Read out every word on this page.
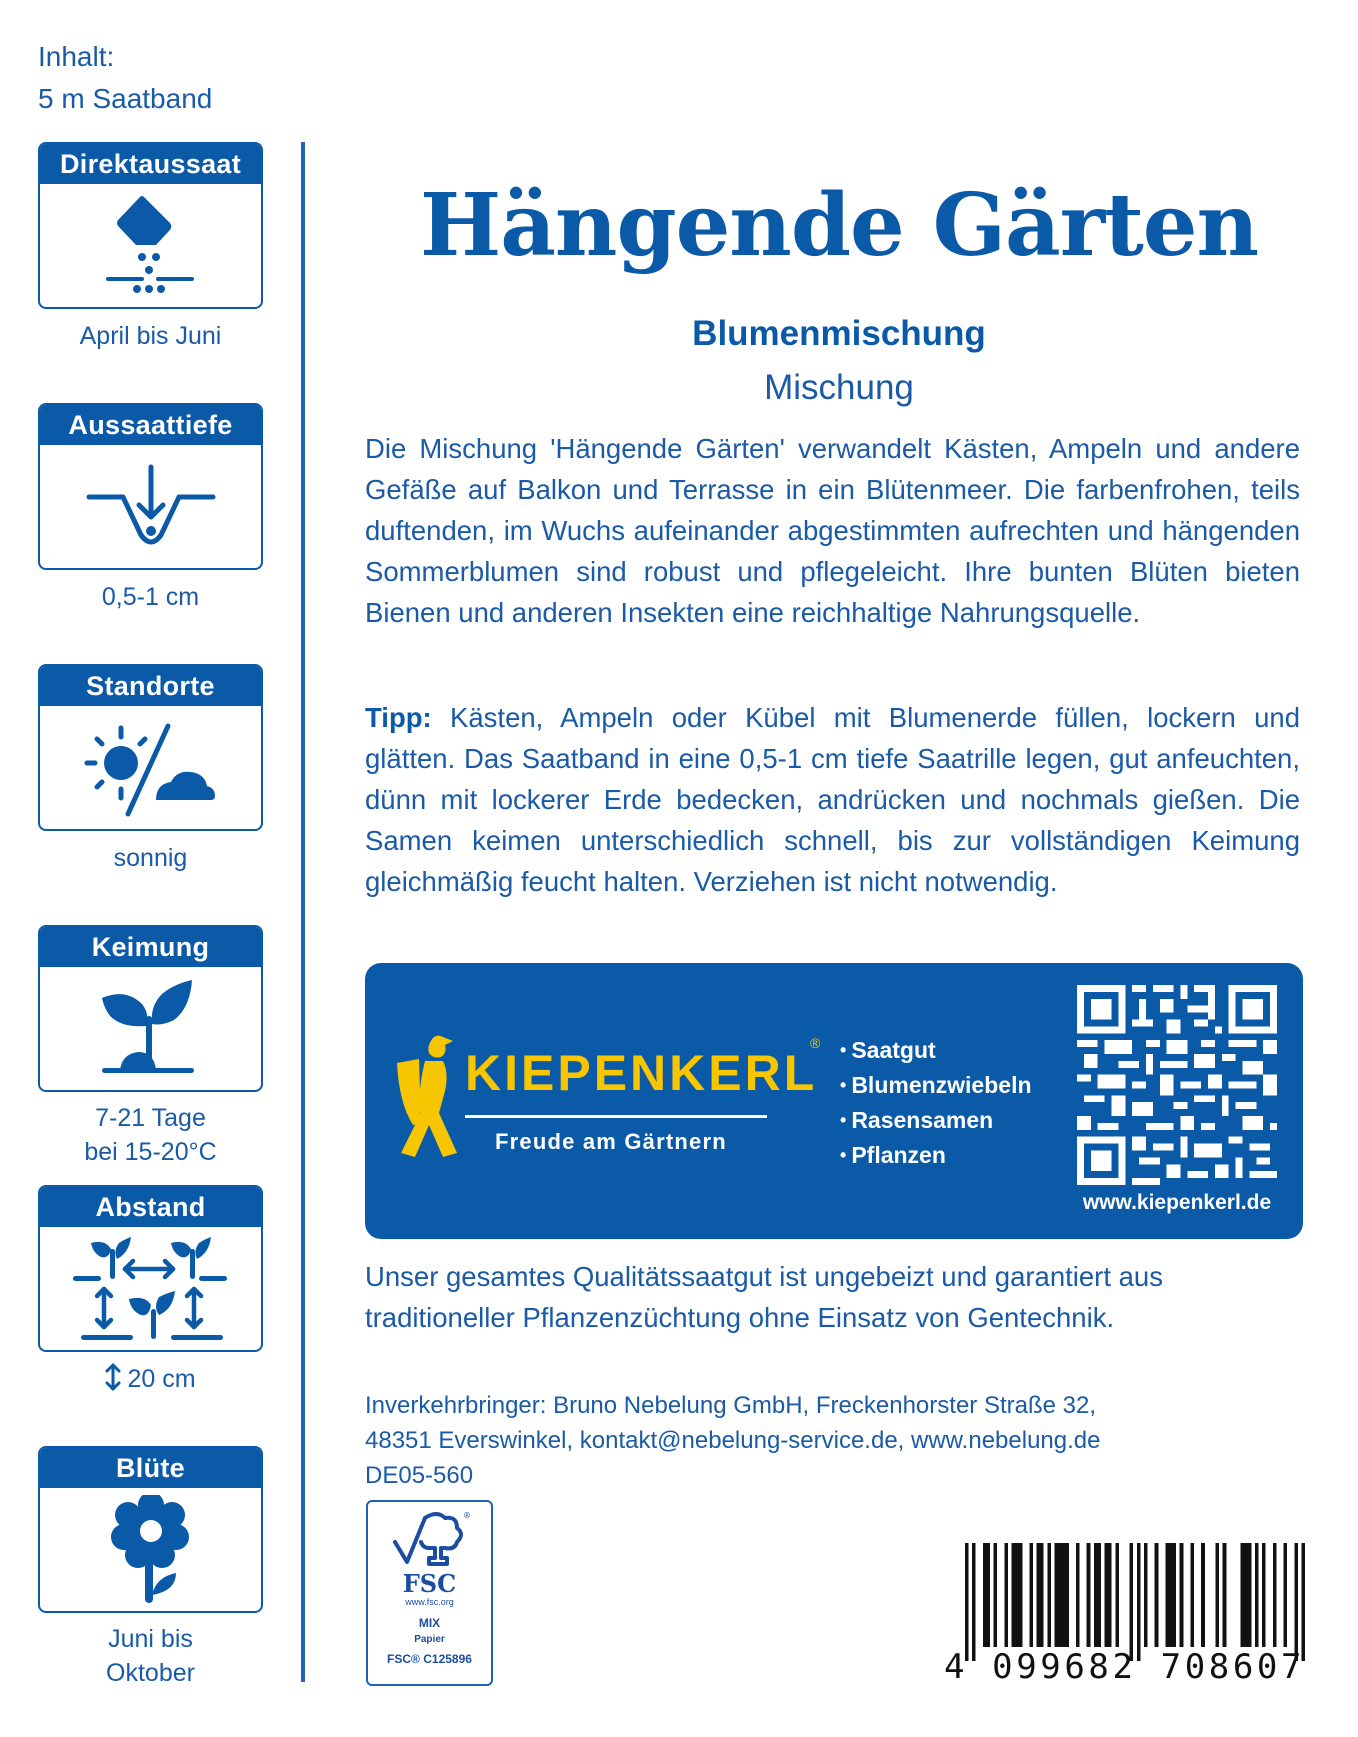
Inhalt:
5 m Saatband
Direktaussaat
April bis Juni
Aussaattiefe
0,5-1 cm
Standorte
sonnig
Keimung
7-21 Tage
bei 15-20°C
Abstand
20 cm
Blüte
Juni bis
Oktober
Hängende Gärten
Blumenmischung
Mischung
Die Mischung 'Hängende Gärten' verwandelt Kästen, Ampeln und andere Gefäße auf Balkon und Terrasse in ein Blütenmeer. Die farbenfrohen, teils duftenden, im Wuchs aufeinander abgestimmten aufrechten und hängenden Sommerblumen sind robust und pflegeleicht. Ihre bunten Blüten bieten Bienen und anderen Insekten eine reichhaltige Nahrungsquelle.
Tipp: Kästen, Ampeln oder Kübel mit Blumenerde füllen, lockern und glätten. Das Saatband in eine 0,5-1 cm tiefe Saatrille legen, gut anfeuchten, dünn mit lockerer Erde bedecken, andrücken und nochmals gießen. Die Samen keimen unterschiedlich schnell, bis zur vollständigen Keimung gleichmäßig feucht halten. Verziehen ist nicht notwendig.
KIEPENKERL
®
Freude am Gärtnern
• Saatgut
• Blumenzwiebeln
• Rasensamen
• Pflanzen
www.kiepenkerl.de
Unser gesamtes Qualitätssaatgut ist ungebeizt und garantiert aus traditioneller Pflanzenzüchtung ohne Einsatz von Gentechnik.
Inverkehrbringer: Bruno Nebelung GmbH, Freckenhorster Straße 32,
48351 Everswinkel, kontakt@nebelung-service.de, www.nebelung.de
DE05-560
®
FSC
www.fsc.org
MIX
Papier
FSC® C125896	4 099682 708607
